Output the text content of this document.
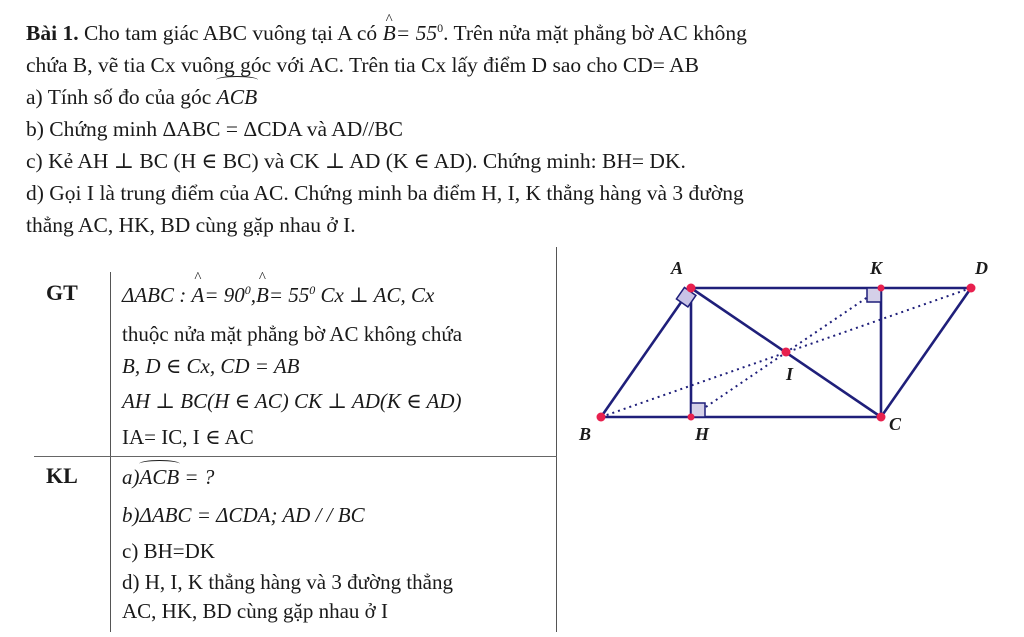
Bài 1. Cho tam giác ABC vuông tại A có ^ $B= 55^0$. Trên nửa mặt phẳng bờ AC không

chứa B, vẽ tia Cx vuông góc với AC. Trên tia Cx lấy điểm D sao cho CD= AB

a) Tính số đo của góc ACB

b) Chứng minh ΔABC = ΔCDA và AD//BC

c) Kẻ AH ⊥ BC (H ∈ BC) và CK ⊥ AD (K ∈ AD). Chứng minh: BH= DK.

d) Gọi I là trung điểm của AC. Chứng minh ba điểm H, I, K thẳng hàng và 3 đường

thẳng AC, HK, BD cùng gặp nhau ở I.

GT
KL
ΔABC : ^ $A= 90^0,\^{}$ $B= 55^0$ Cx ⊥ AC, Cx
thuộc nửa mặt phẳng bờ AC không chứa
B, D ∈ Cx, CD = AB
AH ⊥ BC(H ∈ AC) CK ⊥ AD(K ∈ AD)
IA= IC, I ∈ AC
a)ACB = ?
b)ΔABC = ΔCDA; AD / / BC
c) BH=DK
d) H, I, K thẳng hàng và 3 đường thẳng
AC, HK, BD cùng gặp nhau ở I
A
B	C
D
H
K
I
